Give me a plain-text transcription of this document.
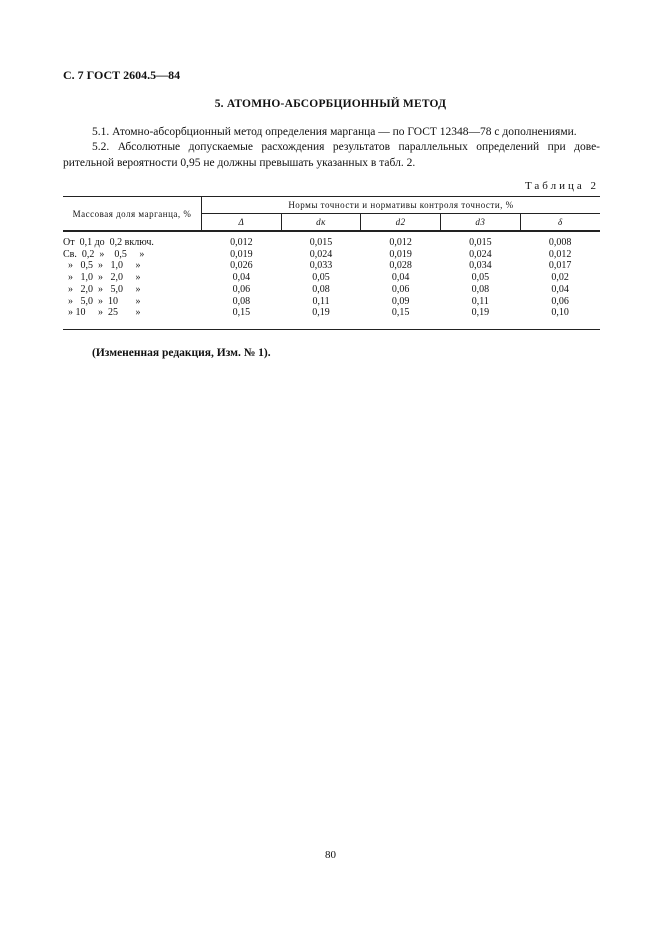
С. 7 ГОСТ 2604.5—84
5. АТОМНО-АБСОРБЦИОННЫЙ МЕТОД
5.1. Атомно-абсорбционный метод определения марганца — по ГОСТ 12348—78 с дополнениями.
5.2. Абсолютные допускаемые расхождения результатов параллельных определений при дове-
рительной вероятности 0,95 не должны превышать указанных в табл. 2.
Таблица 2
Массовая доля марганца, %	Нормы точности и нормативы контроля точности, %				
	Δ	dк	d2	d3	δ
От  0,1 до  0,2 включ.	0,012	0,015	0,012	0,015	0,008
Св.  0,2  »    0,5     »	0,019	0,024	0,019	0,024	0,012
»   0,5  »   1,0     »	0,026	0,033	0,028	0,034	0,017
»   1,0  »   2,0     »	0,04	0,05	0,04	0,05	0,02
»   2,0  »   5,0     »	0,06	0,08	0,06	0,08	0,04
»   5,0  »  10       »	0,08	0,11	0,09	0,11	0,06
» 10     »  25       »	0,15	0,19	0,15	0,19	0,10
(Измененная редакция, Изм. № 1).
80
